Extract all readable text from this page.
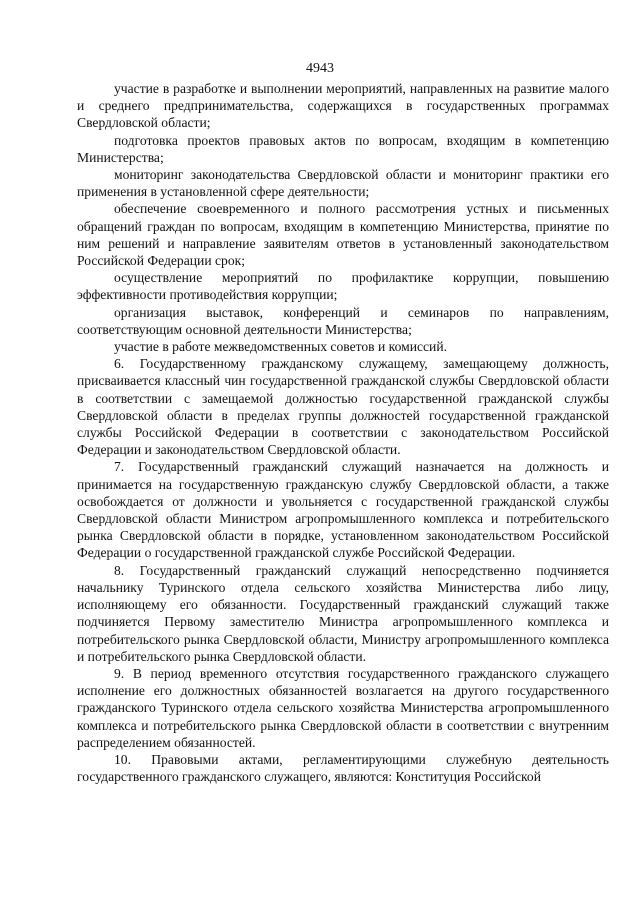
4943

участие в разработке и выполнении мероприятий, направленных на развитие малого и среднего предпринимательства, содержащихся в государственных программах Свердловской области;

подготовка проектов правовых актов по вопросам, входящим в компетенцию Министерства;

мониторинг законодательства Свердловской области и мониторинг практики его применения в установленной сфере деятельности;

обеспечение своевременного и полного рассмотрения устных и письменных обращений граждан по вопросам, входящим в компетенцию Министерства, принятие по ним решений и направление заявителям ответов в установленный законодательством Российской Федерации срок;

осуществление мероприятий по профилактике коррупции, повышению эффективности противодействия коррупции;

организация выставок, конференций и семинаров по направлениям, соответствующим основной деятельности Министерства;

участие в работе межведомственных советов и комиссий.

6. Государственному гражданскому служащему, замещающему должность, присваивается классный чин государственной гражданской службы Свердловской области в соответствии с замещаемой должностью государственной гражданской службы Свердловской области в пределах группы должностей государственной гражданской службы Российской Федерации в соответствии с законодательством Российской Федерации и законодательством Свердловской области.

7. Государственный гражданский служащий назначается на должность и принимается на государственную гражданскую службу Свердловской области, а также освобождается от должности и увольняется с государственной гражданской службы Свердловской области Министром агропромышленного комплекса и потребительского рынка Свердловской области в порядке, установленном законодательством Российской Федерации о государственной гражданской службе Российской Федерации.

8. Государственный гражданский служащий непосредственно подчиняется начальнику Туринского отдела сельского хозяйства Министерства либо лицу, исполняющему его обязанности. Государственный гражданский служащий также подчиняется Первому заместителю Министра агропромышленного комплекса и потребительского рынка Свердловской области, Министру агропромышленного комплекса и потребительского рынка Свердловской области.

9. В период временного отсутствия государственного гражданского служащего исполнение его должностных обязанностей возлагается на другого государственного гражданского Туринского отдела сельского хозяйства Министерства агропромышленного комплекса и потребительского рынка Свердловской области в соответствии с внутренним распределением обязанностей.

10. Правовыми актами, регламентирующими служебную деятельность государственного гражданского служащего, являются: Конституция Российской
